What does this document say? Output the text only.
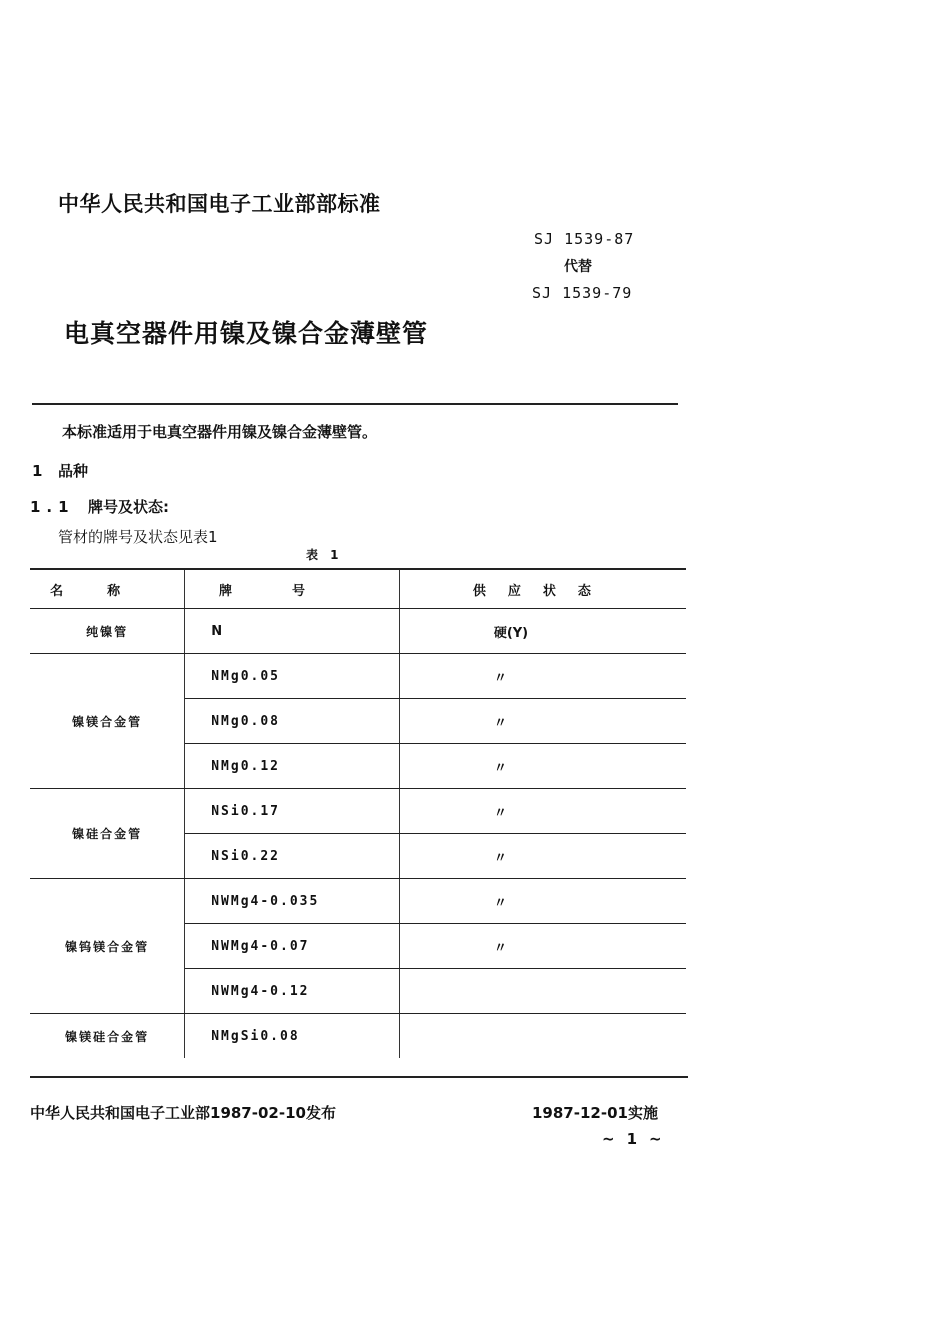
中华人民共和国电子工业部部标准
SJ 1539-87
代替
SJ 1539-79
电真空器件用镍及镍合金薄壁管
本标准适用于电真空器件用镍及镍合金薄壁管。
1 品种
1.1 牌号及状态:
管材的牌号及状态见表1
表 1
名称	牌号	供应状态
纯镍管	N	硬(Y)
镍镁合金管	NMg0.05	〃
	NMg0.08	〃
	NMg0.12	〃
镍硅合金管	NSi0.17	〃
	NSi0.22	〃
镍钨镁合金管	NWMg4-0.035	〃
	NWMg4-0.07	〃
	NWMg4-0.12	
镍镁硅合金管	NMgSi0.08	
中华人民共和国电子工业部1987-02-10发布	1987-12-01实施
~1~
